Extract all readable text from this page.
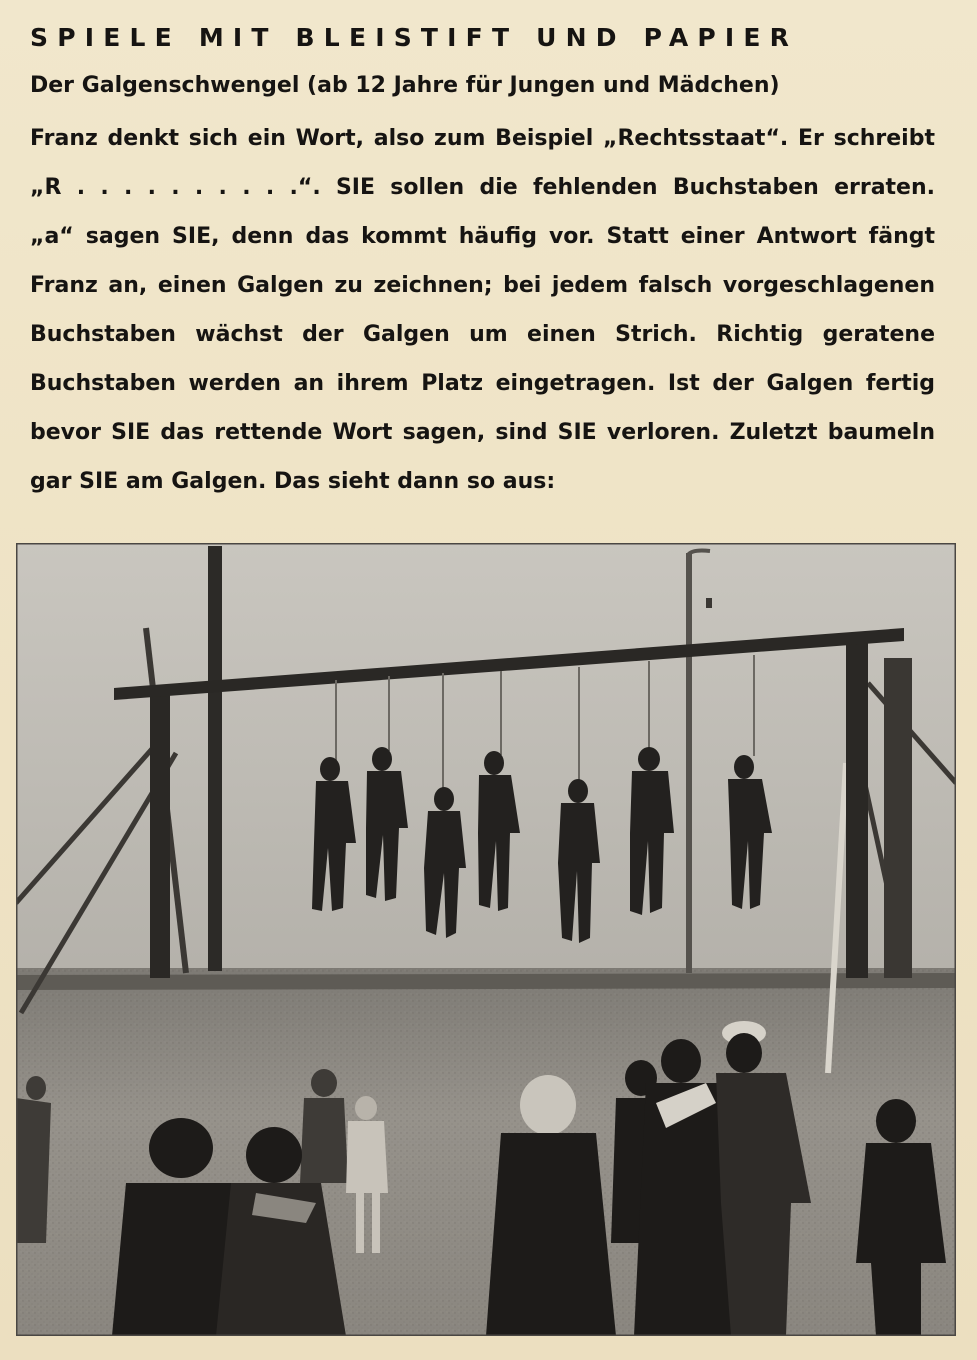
SPIELE MIT BLEISTIFT UND PAPIER
Der Galgenschwengel (ab 12 Jahre für Jungen und Mädchen)
Franz denkt sich ein Wort, also zum Beispiel „Rechtsstaat“. Er schreibt
„R . . . . . . . . . .“. SIE sollen die fehlenden Buchstaben erraten.
„a“ sagen SIE, denn das kommt häufig vor. Statt einer Antwort fängt
Franz an, einen Galgen zu zeichnen; bei jedem falsch vorgeschlagenen
Buchstaben wächst der Galgen um einen Strich. Richtig geratene
Buchstaben werden an ihrem Platz eingetragen. Ist der Galgen fertig
bevor SIE das rettende Wort sagen, sind SIE verloren. Zuletzt baumeln
gar SIE am Galgen. Das sieht dann so aus:
